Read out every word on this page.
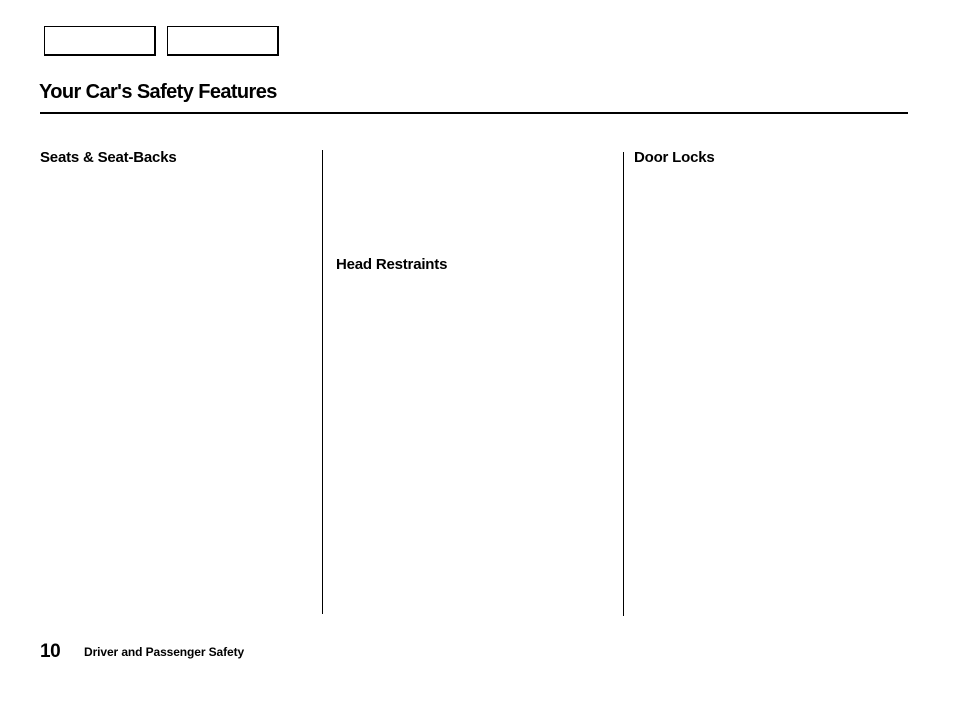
Your Car's Safety Features
Seats & Seat-Backs
Head Restraints
Door Locks
10 Driver and Passenger Safety
